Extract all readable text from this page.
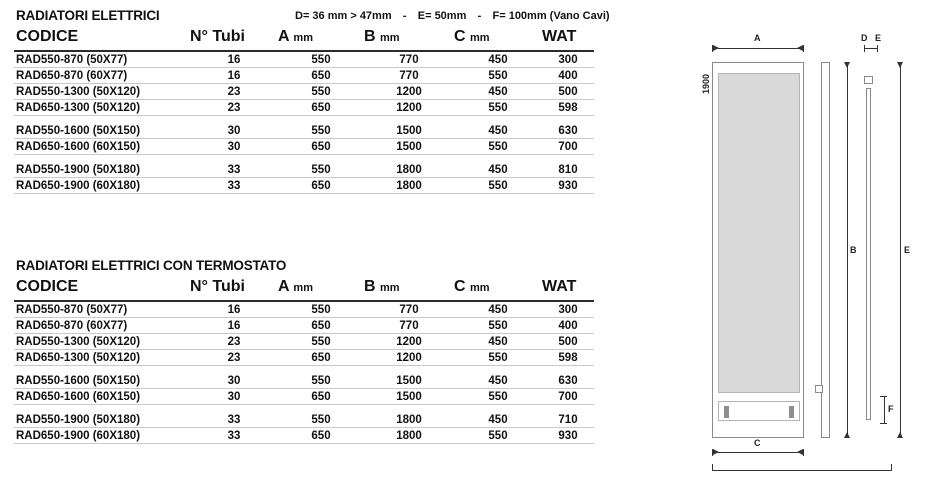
D= 36 mm > 47mm - E= 50mm - F= 100mm (Vano Cavi)
RADIATORI ELETTRICI
CODICE	N° Tubi	A mm	B mm	C mm	WAT
RAD550-870 (50X77)	16	550	770	450	300
RAD650-870 (60X77)	16	650	770	550	400
RAD550-1300 (50X120)	23	550	1200	450	500
RAD650-1300 (50X120)	23	650	1200	550	598

RAD550-1600 (50X150)	30	550	1500	450	630
RAD650-1600 (60X150)	30	650	1500	550	700

RAD550-1900 (50X180)	33	550	1800	450	810
RAD650-1900 (60X180)	33	650	1800	550	930
RADIATORI ELETTRICI CON TERMOSTATO
CODICE	N° Tubi	A mm	B mm	C mm	WAT
RAD550-870 (50X77)	16	550	770	450	300
RAD650-870 (60X77)	16	650	770	550	400
RAD550-1300 (50X120)	23	550	1200	450	500
RAD650-1300 (50X120)	23	650	1200	550	598

RAD550-1600 (50X150)	30	550	1500	450	630
RAD650-1600 (60X150)	30	650	1500	550	700

RAD550-1900 (50X180)	33	550	1800	450	710
RAD650-1900 (60X180)	33	650	1800	550	930
A	D E
1900
B	E
F
C
